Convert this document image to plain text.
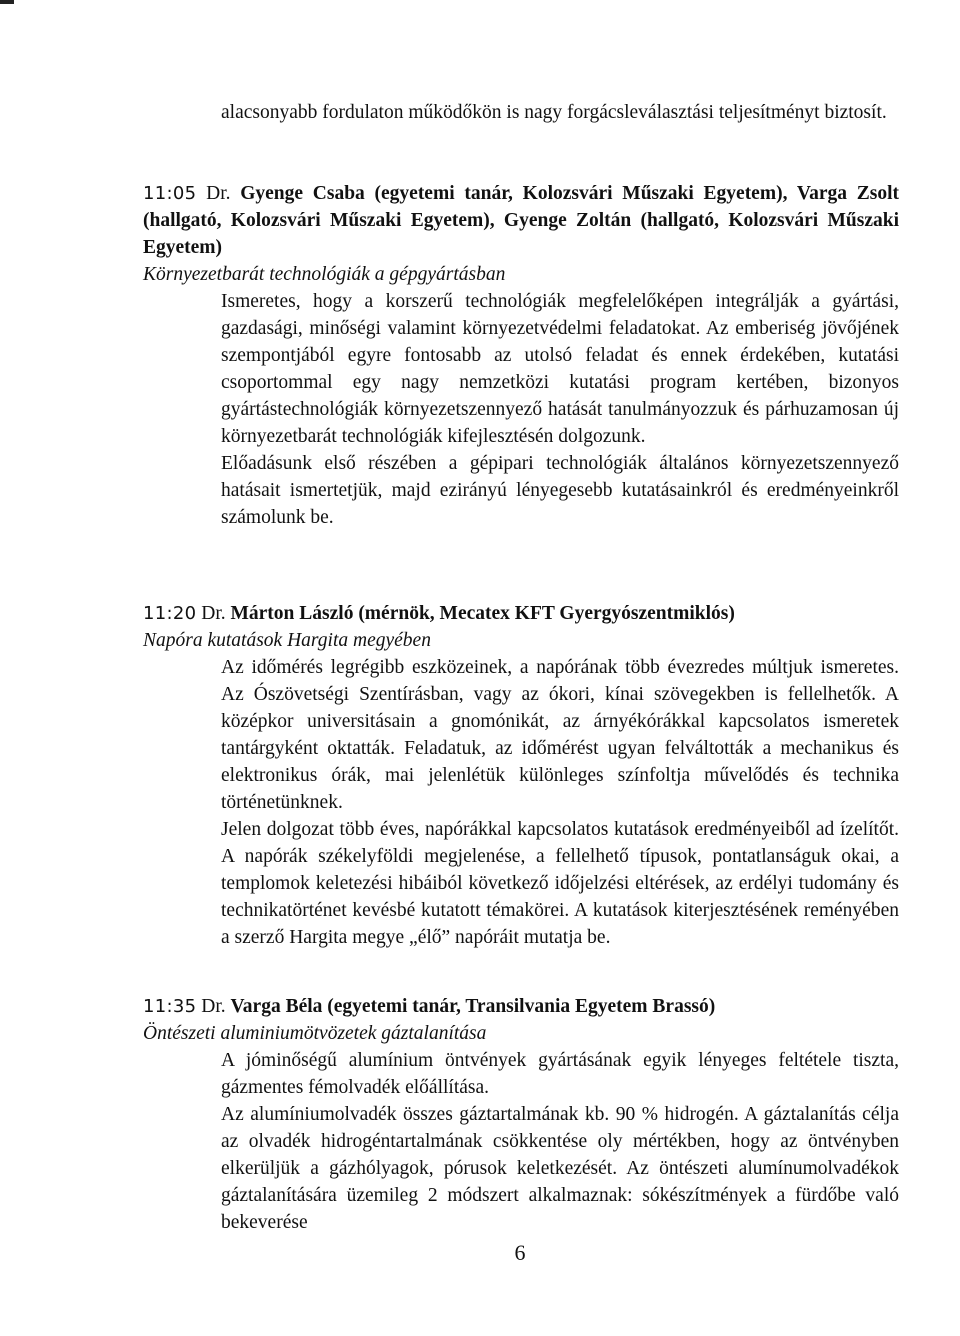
alacsonyabb fordulaton működőkön is nagy forgácsleválasztási teljesítményt biztosít.
11:05 Dr. Gyenge Csaba (egyetemi tanár, Kolozsvári Műszaki Egyetem), Varga Zsolt (hallgató, Kolozsvári Műszaki Egyetem), Gyenge Zoltán (hallgató, Kolozsvári Műszaki Egyetem)
Környezetbarát technológiák a gépgyártásban

Ismeretes, hogy a korszerű technológiák megfelelőképen integrálják a gyártási, gazdasági, minőségi valamint környezetvédelmi feladatokat. Az emberiség jövőjének szempontjából egyre fontosabb az utolsó feladat és ennek érdekében, kutatási csoportommal egy nagy nemzetközi kutatási program kertében, bizonyos gyártástechnológiák környezetszennyező hatását tanulmányozzuk és párhuzamosan új környezetbarát technológiák kifejlesztésén dolgozunk.

Előadásunk első részében a gépipari technológiák általános környezetszennyező hatásait ismertetjük, majd ezirányú lényegesebb kutatásainkról és eredményeinkről számolunk be.

11:20 Dr. Márton László (mérnök, Mecatex KFT Gyergyószentmiklós)
Napóra kutatások Hargita megyében

Az időmérés legrégibb eszközeinek, a napórának több évezredes múltjuk ismeretes. Az Ószövetségi Szentírásban, vagy az ókori, kínai szövegekben is fellelhetők. A középkor universitásain a gnomónikát, az árnyékórákkal kapcsolatos ismeretek tantárgyként oktatták. Feladatuk, az időmérést ugyan felváltották a mechanikus és elektronikus órák, mai jelenlétük különleges színfoltja művelődés és technika történetünknek.

Jelen dolgozat több éves, napórákkal kapcsolatos kutatások eredményeiből ad ízelítőt. A napórák székelyföldi megjelenése, a fellelhető típusok, pontatlanságuk okai, a templomok keletezési hibáiból következő időjelzési eltérések, az erdélyi tudomány és technikatörténet kevésbé kutatott témakörei. A kutatások kiterjesztésének reményében a szerző Hargita megye „élő” napóráit mutatja be.

11:35 Dr. Varga Béla (egyetemi tanár, Transilvania Egyetem Brassó)
Öntészeti aluminiumötvözetek gáztalanítása

A jóminőségű alumínium öntvények gyártásának egyik lényeges feltétele tiszta, gázmentes fémolvadék előállítása.

Az alumíniumolvadék összes gáztartalmának kb. 90 % hidrogén. A gáztalanítás célja az olvadék hidrogéntartalmának csökkentése oly mértékben, hogy az öntvényben elkerüljük a gázhólyagok, pórusok keletkezését. Az öntészeti alumínumolvadékok gáztalanítására üzemileg 2 módszert alkalmaznak: sókészítmények a fürdőbe való bekeverése

6
